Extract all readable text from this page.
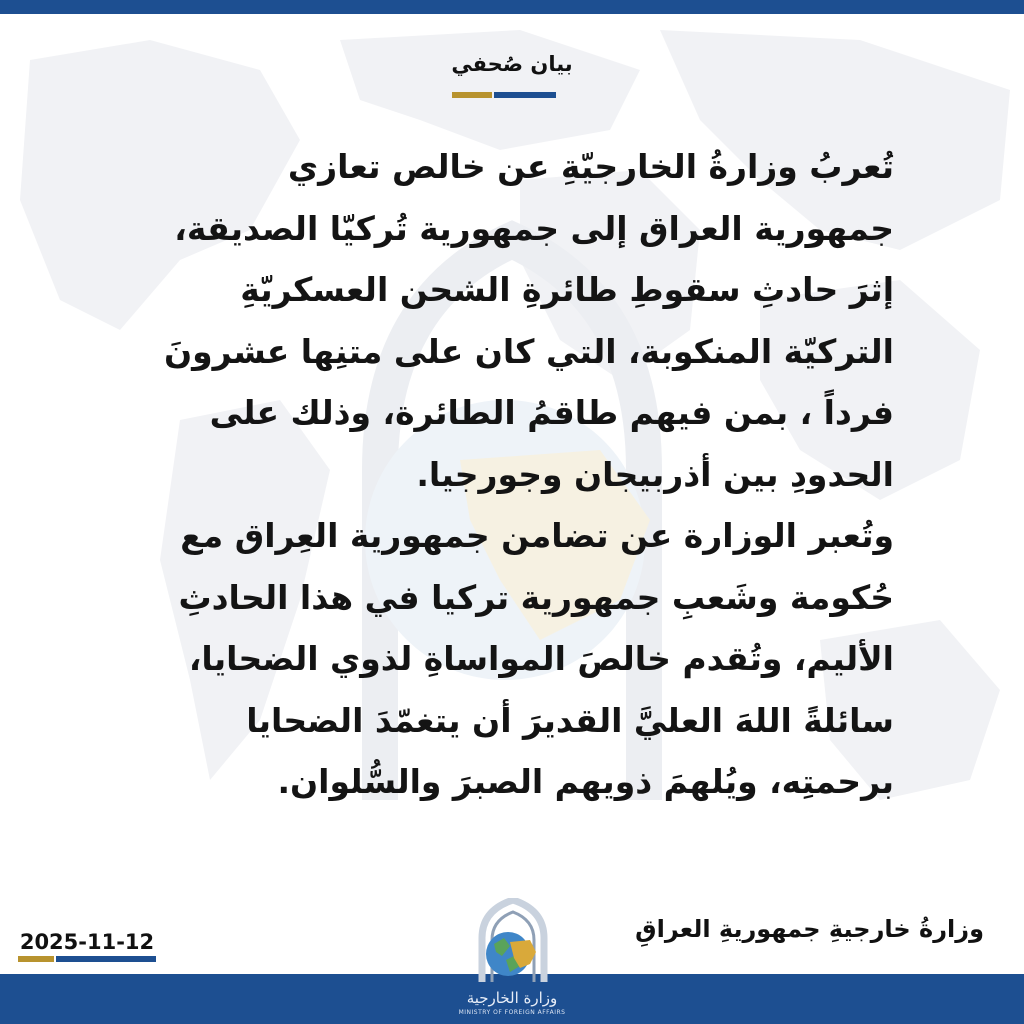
بيان صُحفي
تُعربُ وزارةُ الخارجيّةِ عن خالص تعازي
جمهورية العراق إلى جمهورية تُركيّا الصديقة،
إثرَ حادثِ سقوطِ طائرةِ الشحن العسكريّةِ
التركيّة المنكوبة، التي كان على متنِها عشرونَ
فرداً ، بمن فيهم طاقمُ الطائرة، وذلك على
الحدودِ بين أذربيجان وجورجيا.
وتُعبر الوزارة عن تضامن جمهورية العِراق مع
حُكومة وشَعبِ جمهورية تركيا في هذا الحادثِ
الأليم، وتُقدم خالصَ المواساةِ لذوي الضحايا،
سائلةً اللهَ العليَّ القديرَ أن يتغمّدَ الضحايا
برحمتِه، ويُلهمَ ذويهم الصبرَ والسُّلوان.
وزارةُ خارجيةِ جمهوريةِ العراقِ
2025-11-12
وزارة الخارجية
MINISTRY OF FOREIGN AFFAIRS
